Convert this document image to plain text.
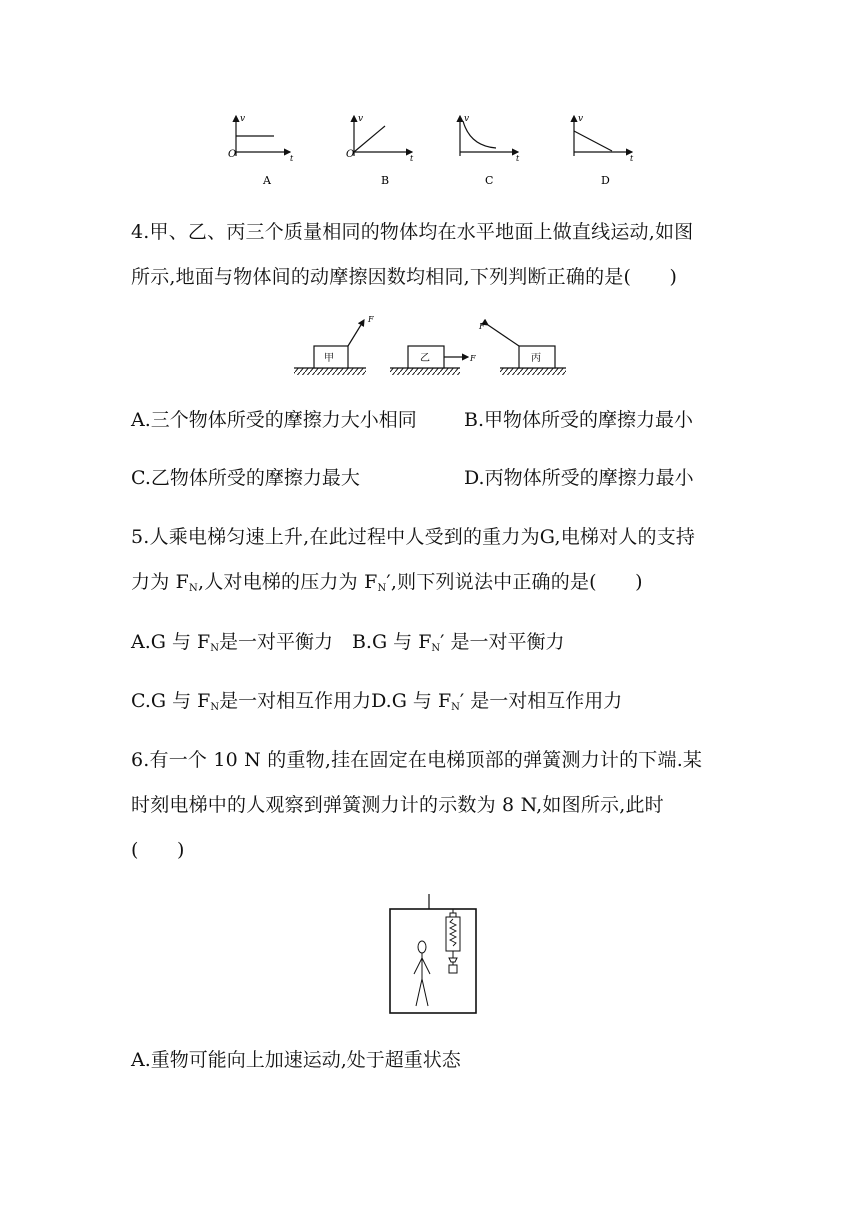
v
O	t
A
v
O	t
B
v
t
C
v
t
D
4.甲、乙、丙三个质量相同的物体均在水平地面上做直线运动,如图
所示,地面与物体间的动摩擦因数均相同,下列判断正确的是(　　)
甲
F
乙	F	丙
F
A.三个物体所受的摩擦力大小相同 B.甲物体所受的摩擦力最小
C.乙物体所受的摩擦力最大	D.丙物体所受的摩擦力最小
5.人乘电梯匀速上升,在此过程中人受到的重力为G,电梯对人的支持
力为 $F_N$,人对电梯的压力为 $F_N'$,则下列说法中正确的是(　　)
A.G 与 $F_N$是一对平衡力　B.G 与 $F_N'$ 是一对平衡力
C.G 与 $F_N$是一对相互作用力D.G 与 $F_N'$ 是一对相互作用力
6.有一个 10 N 的重物,挂在固定在电梯顶部的弹簧测力计的下端.某
时刻电梯中的人观察到弹簧测力计的示数为 8 N,如图所示,此时
(　　)
A.重物可能向上加速运动,处于超重状态
